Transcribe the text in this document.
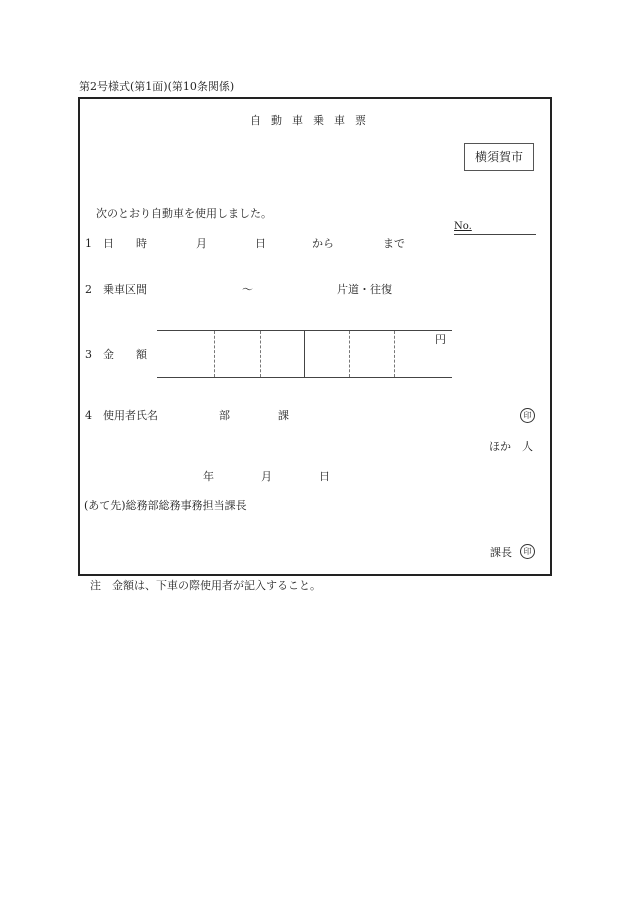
第2号様式(第1面)(第10条関係)
自動車乗車票
横須賀市
次のとおり自動車を使用しました。
No.
1 日　　時	月	日	から	まで
2 乗車区間	〜	片道・往復
3 金　　額
円
4 使用者氏名	部	課	印
ほか　人
年	月	日
(あて先)総務部総務事務担当課長
課長	印
注　金額は、下車の際使用者が記入すること。
